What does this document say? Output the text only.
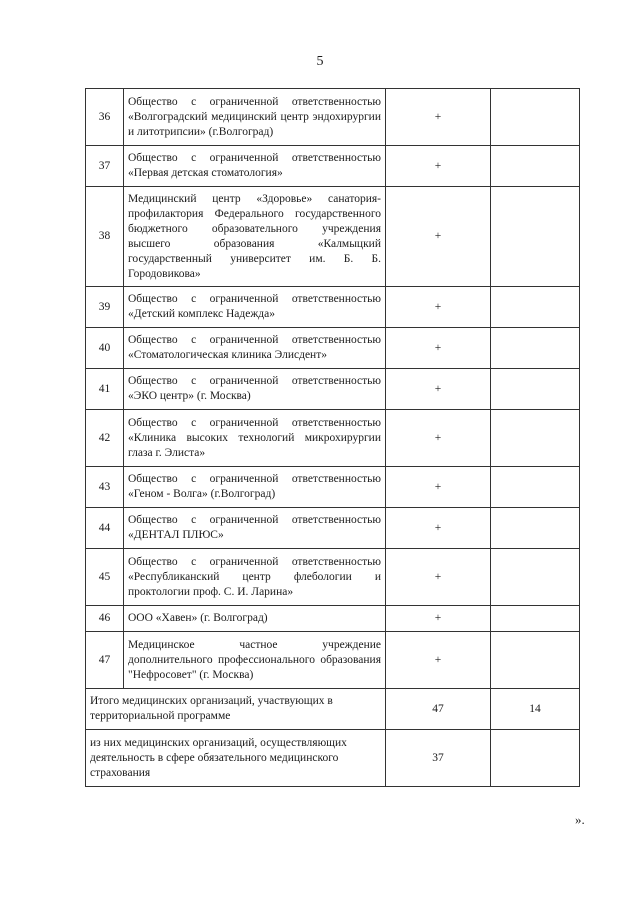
5
36	Общество с ограниченной ответственностью «Волгоградский медицинский центр эндохирургии и литотрипсии» (г.Волгоград)	+	
37	Общество с ограниченной ответственностью «Первая детская стоматология»	+	
38	Медицинский центр «Здоровье» санатория-профилактория Федерального государственного бюджетного образовательного учреждения высшего образования «Калмыцкий государственный университет им. Б. Б. Городовикова»	+	
39	Общество с ограниченной ответственностью «Детский комплекс Надежда»	+	
40	Общество с ограниченной ответственностью «Стоматологическая клиника Элисдент»	+	
41	Общество с ограниченной ответственностью «ЭКО центр» (г. Москва)	+	
42	Общество с ограниченной ответственностью «Клиника высоких технологий микрохирургии глаза г. Элиста»	+	
43	Общество с ограниченной ответственностью «Геном - Волга» (г.Волгоград)	+	
44	Общество с ограниченной ответственностью «ДЕНТАЛ ПЛЮС»	+	
45	Общество с ограниченной ответственностью «Республиканский центр флебологии и проктологии проф. С. И. Ларина»	+	
46	ООО «Хавен» (г. Волгоград)	+	
47	Медицинское частное учреждение дополнительного профессионального образования "Нефросовет" (г. Москва)	+	
Итого медицинских организаций, участвующих в территориальной программе		47	14
из них медицинских организаций, осуществляющих деятельность в сфере обязательного медицинского страхования		37	
».
